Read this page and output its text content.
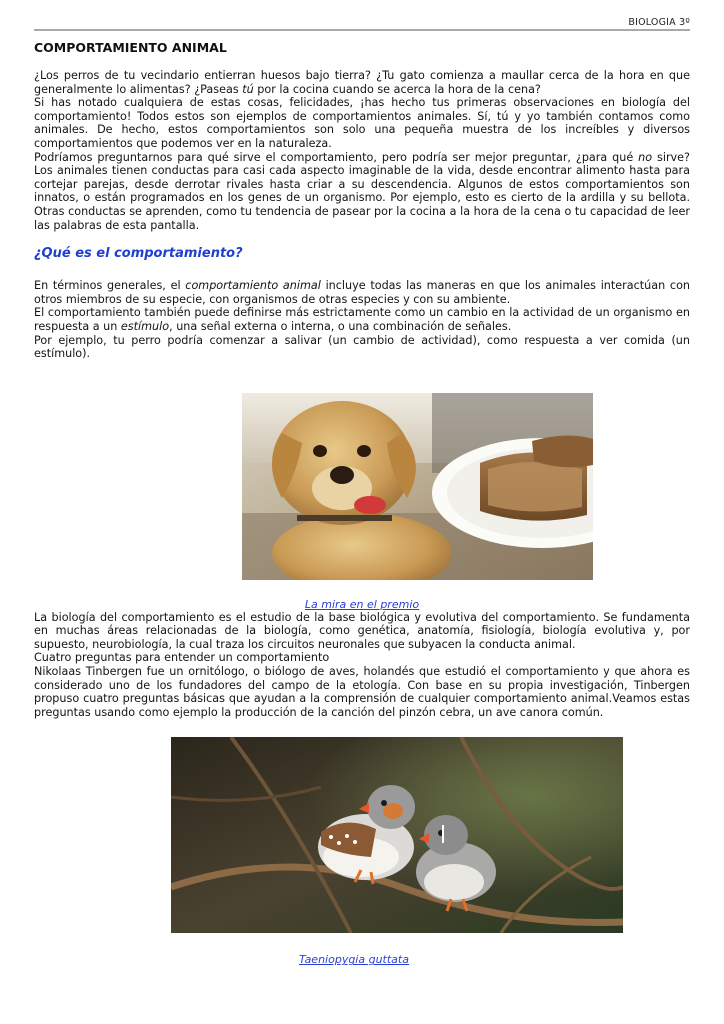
BIOLOGIA 3º
COMPORTAMIENTO ANIMAL

¿Los perros de tu vecindario entierran huesos bajo tierra? ¿Tu gato comienza a maullar cerca de la hora en que generalmente lo alimentas? ¿Paseas tú por la cocina cuando se acerca la hora de la cena?

Si has notado cualquiera de estas cosas, felicidades, ¡has hecho tus primeras observaciones en biología del comportamiento! Todos estos son ejemplos de comportamientos animales. Sí, tú y yo también contamos como animales. De hecho, estos comportamientos son solo una pequeña muestra de los increíbles y diversos comportamientos que podemos ver en la naturaleza.

Podríamos preguntarnos para qué sirve el comportamiento, pero podría ser mejor preguntar, ¿para qué no sirve? Los animales tienen conductas para casi cada aspecto imaginable de la vida, desde encontrar alimento hasta para cortejar parejas, desde derrotar rivales hasta criar a su descendencia. Algunos de estos comportamientos son innatos, o están programados en los genes de un organismo. Por ejemplo, esto es cierto de la ardilla y su bellota. Otras conductas se aprenden, como tu tendencia de pasear por la cocina a la hora de la cena o tu capacidad de leer las palabras de esta pantalla.

¿Qué es el comportamiento?

En términos generales, el comportamiento animal incluye todas las maneras en que los animales interactúan con otros miembros de su especie, con organismos de otras especies y con su ambiente.

El comportamiento también puede definirse más estrictamente como un cambio en la actividad de un organismo en respuesta a un estímulo, una señal externa o interna, o una combinación de señales.

Por ejemplo, tu perro podría comenzar a salivar (un cambio de actividad), como respuesta a ver comida (un estímulo).

La mira en el premio

La biología del comportamiento es el estudio de la base biológica y evolutiva del comportamiento. Se fundamenta en muchas áreas relacionadas de la biología, como genética, anatomía, fisiología, biología evolutiva y, por supuesto, neurobiología, la cual traza los circuitos neuronales que subyacen la conducta animal.

Cuatro preguntas para entender un comportamiento

Nikolaas Tinbergen fue un ornitólogo, o biólogo de aves, holandés que estudió el comportamiento y que ahora es considerado uno de los fundadores del campo de la etología. Con base en su propia investigación, Tinbergen propuso cuatro preguntas básicas que ayudan a la comprensión de cualquier comportamiento animal.Veamos estas preguntas usando como ejemplo la producción de la canción del pinzón cebra, un ave canora común.

Taeniopygia guttata
